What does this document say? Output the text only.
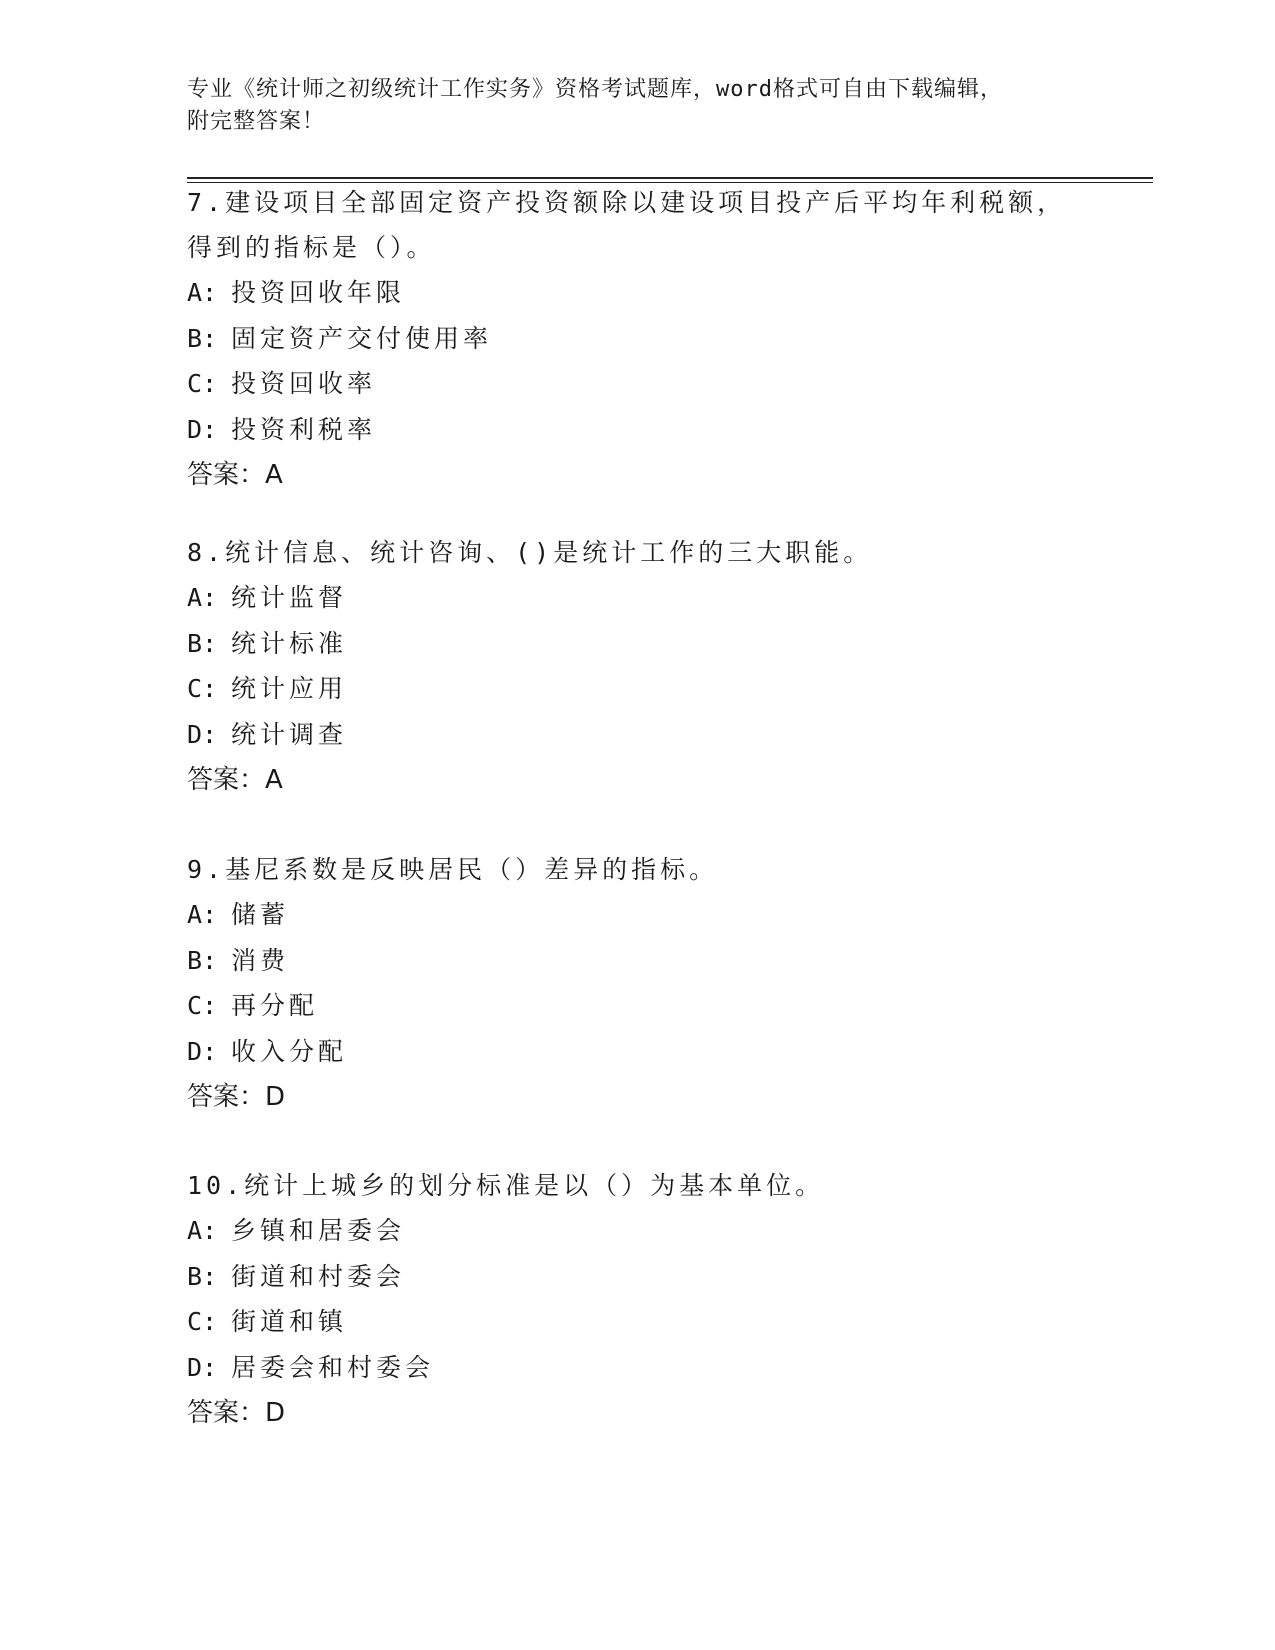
专业《统计师之初级统计工作实务》资格考试题库，word格式可自由下载编辑，
附完整答案！

7.建设项目全部固定资产投资额除以建设项目投产后平均年利税额，

得到的指标是（）。

A: 投资回收年限

B: 固定资产交付使用率

C: 投资回收率

D: 投资利税率

答案：A

8.统计信息、统计咨询、()是统计工作的三大职能。

A: 统计监督

B: 统计标准

C: 统计应用

D: 统计调查

答案：A

9.基尼系数是反映居民（）差异的指标。

A: 储蓄

B: 消费

C: 再分配

D: 收入分配

答案：D

10.统计上城乡的划分标准是以（）为基本单位。

A: 乡镇和居委会

B: 街道和村委会

C: 街道和镇

D: 居委会和村委会

答案：D
